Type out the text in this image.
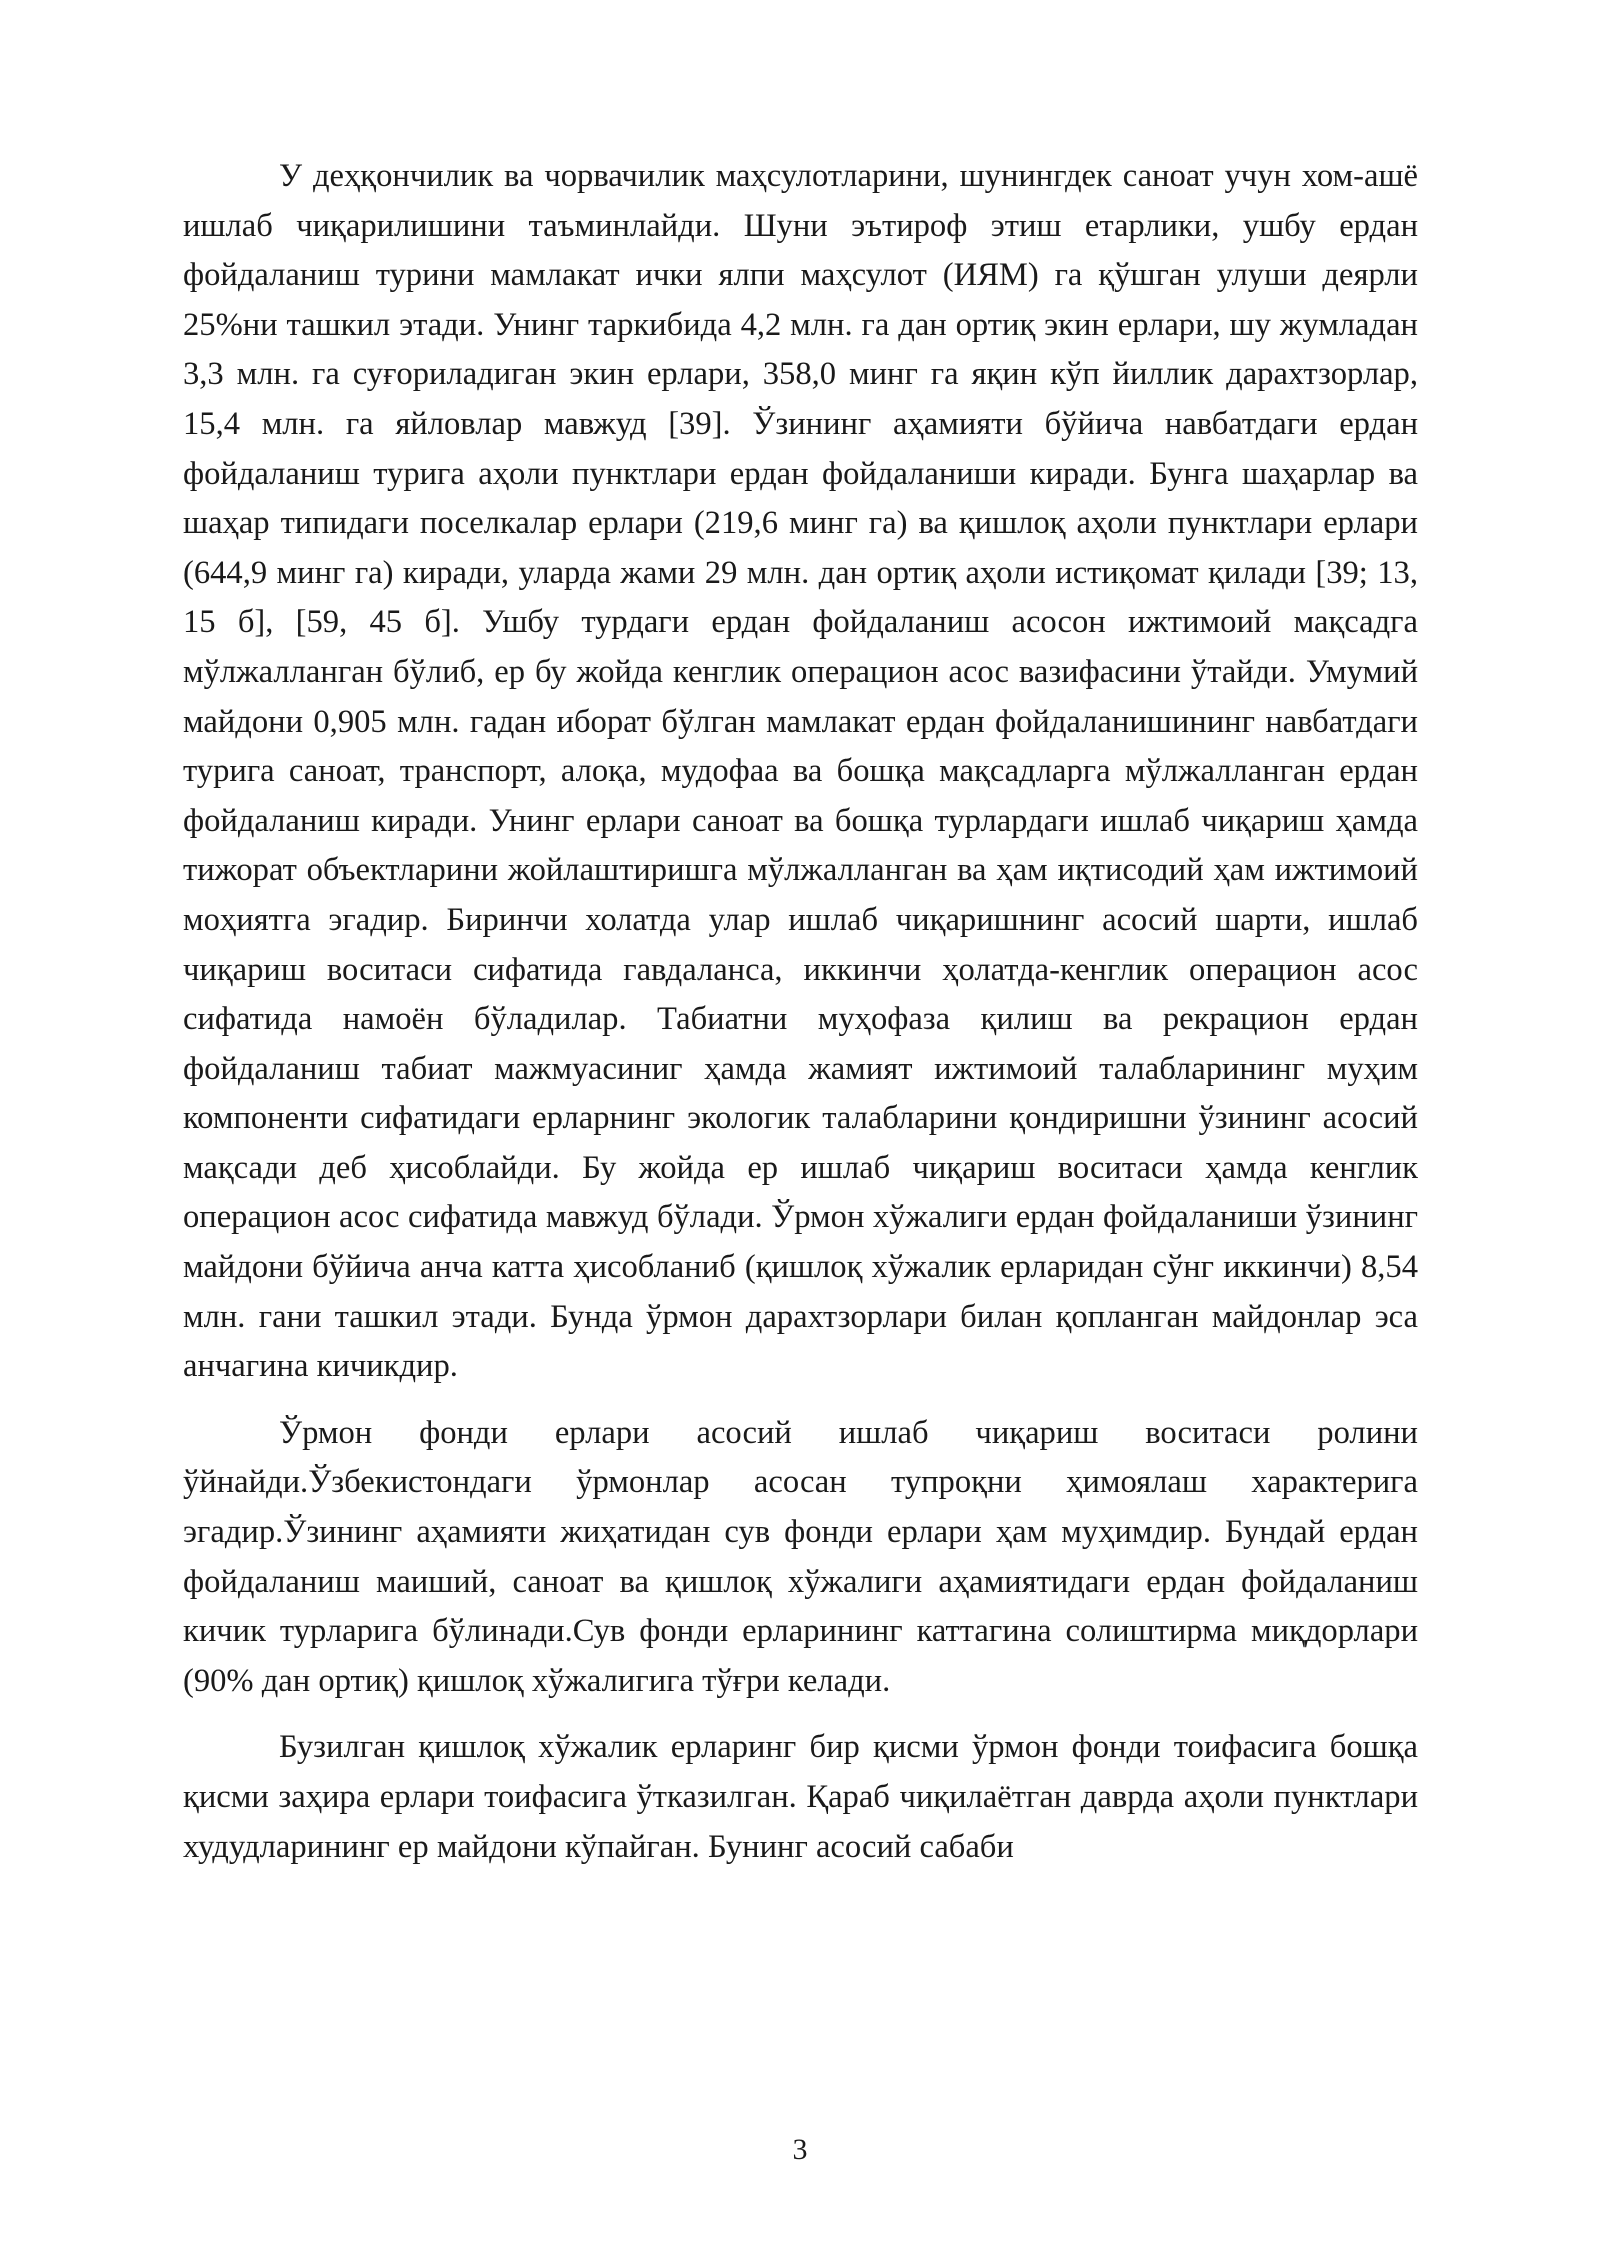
У деҳқончилик ва чорвачилик маҳсулотларини, шунингдек саноат учун хом-ашё ишлаб чиқарилишини таъминлайди. Шуни эътироф этиш етарлики, ушбу ердан фойдаланиш турини мамлакат ички ялпи маҳсулот (ИЯМ) га қўшган улуши деярли 25%ни ташкил этади. Унинг таркибида 4,2 млн. га дан ортиқ экин ерлари, шу жумладан 3,3 млн. га суғориладиган экин ерлари, 358,0 минг га яқин кўп йиллик дарахтзорлар, 15,4 млн. га яйловлар мавжуд [39]. Ўзининг аҳамияти бўйича навбатдаги ердан фойдаланиш турига аҳоли пунктлари ердан фойдаланиши киради. Бунга шаҳарлар ва шаҳар типидаги поселкалар ерлари (219,6 минг га) ва қишлоқ аҳоли пунктлари ерлари (644,9 минг га) киради, уларда жами 29 млн. дан ортиқ аҳоли истиқомат қилади [39; 13, 15 б], [59, 45 б]. Ушбу турдаги ердан фойдаланиш асосон ижтимоий мақсадга мўлжалланган бўлиб, ер бу жойда кенглик операцион асос вазифасини ўтайди. Умумий майдони 0,905 млн. гадан иборат бўлган мамлакат ердан фойдаланишининг навбатдаги турига саноат, транспорт, алоқа, мудофаа ва бошқа мақсадларга мўлжалланган ердан фойдаланиш киради. Унинг ерлари саноат ва бошқа турлардаги ишлаб чиқариш ҳамда тижорат объектларини жойлаштиришга мўлжалланган ва ҳам иқтисодий ҳам ижтимоий моҳиятга эгадир. Биринчи холатда улар ишлаб чиқаришнинг асосий шарти, ишлаб чиқариш воситаси сифатида гавдаланса, иккинчи ҳолатда-кенглик операцион асос сифатида намоён бўладилар. Табиатни муҳофаза қилиш ва рекрацион ердан фойдаланиш табиат мажмуасиниг ҳамда жамият ижтимоий талабларининг муҳим компоненти сифатидаги ерларнинг экологик талабларини қондиришни ўзининг асосий мақсади деб ҳисоблайди. Бу жойда ер ишлаб чиқариш воситаси ҳамда кенглик операцион асос сифатида мавжуд бўлади. Ўрмон хўжалиги ердан фойдаланиши ўзининг майдони бўйича анча катта ҳисобланиб (қишлоқ хўжалик ерларидан сўнг иккинчи) 8,54 млн. гани ташкил этади. Бунда ўрмон дарахтзорлари билан қопланган майдонлар эса анчагина кичикдир.

Ўрмон фонди ерлари асосий ишлаб чиқариш воситаси ролини ўйнайди.Ўзбекистондаги ўрмонлар асосан тупроқни ҳимоялаш характерига эгадир.Ўзининг аҳамияти жиҳатидан сув фонди ерлари ҳам муҳимдир. Бундай ердан фойдаланиш маиший, саноат ва қишлоқ хўжалиги аҳамиятидаги ердан фойдаланиш кичик турларига бўлинади.Сув фонди ерларининг каттагина солиштирма миқдорлари (90% дан ортиқ) қишлоқ хўжалигига тўғри келади.

Бузилган қишлоқ хўжалик ерларинг бир қисми ўрмон фонди тоифасига бошқа қисми заҳира ерлари тоифасига ўтказилган. Қараб чиқилаётган даврда аҳоли пунктлари худудларининг ер майдони кўпайган. Бунинг асосий сабаби

3
